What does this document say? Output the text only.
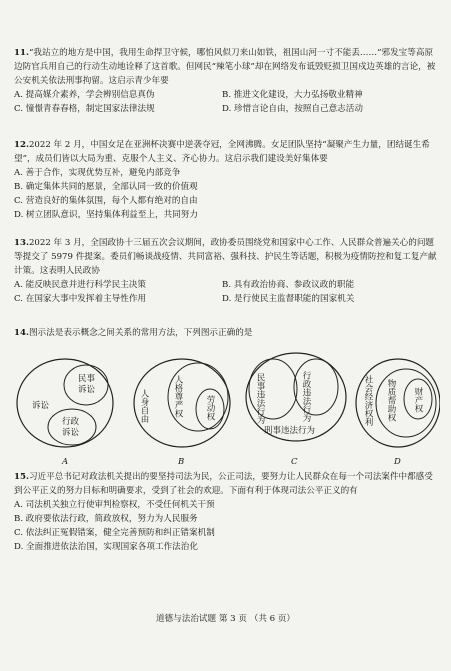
11.“我站立的地方是中国，我用生命捍卫守候，哪怕风似刀来山如铁，祖国山河一寸不能丢……”邪发宝等高原边防官兵用自己的行动生动地诠释了这首歌。但网民“辣笔小球”却在网络发布诋毁贬损卫国戍边英雄的言论，被公安机关依法刑事拘留。这启示青少年要

A. 提高媒介素养，学会辨别信息真伪	B. 推进文化建设，大力弘扬敬业精神
C. 憧憬青春春格，制定国家法律法规	D. 珍惜言论自由，按照自己意志活动

12.2022 年 2 月，中国女足在亚洲杯决赛中逆袭夺冠，全网沸腾。女足团队坚持“凝聚产生力量，团结诞生希望”，成员们皆以大局为重、克服个人主义、齐心协力。这启示我们建设美好集体要

A. 善于合作，实现优势互补，避免内部竞争
B. 确定集体共同的愿景，全部认同一致的价值观
C. 营造良好的集体氛围，每个人都有绝对的自由
D. 树立团队意识，坚持集体利益至上，共同努力

13.2022 年 3 月，全国政协十三届五次会议期间，政协委员围绕党和国家中心工作、人民群众普遍关心的问题等提交了 5979 件提案。委员们畅谈战疫情、共同富裕、强科技、护民生等话题，积极为疫情防控和复工复产献计策。这表明人民政协

A. 能反映民意并进行科学民主决策	B. 具有政治协商、参政议政的职能
C. 在国家大事中发挥着主导性作用	D. 是行使民主监督职能的国家机关

14.图示法是表示概念之间关系的常用方法，下列图示正确的是

诉讼
民事诉讼
行政诉讼
A
人身自由	人格尊严权	劳动权
B
民事违法行为	行政违法行为
刑事违法行为
C
社会经济权利 物质帮助权 财产权
D

15.习近平总书记对政法机关提出的要坚持司法为民，公正司法，要努力让人民群众在每一个司法案件中都感受到公平正义的努力目标和明确要求，受到了社会的欢迎。下面有利于体现司法公平正义的有

A. 司法机关独立行使审判检察权，不受任何机关干预
B. 政府要依法行政，简政放权，努力为人民服务
C. 依法纠正冤假错案，健全完善预防和纠正错案机制
D. 全面推进依法治国，实现国家各项工作法治化
道德与法治试题 第 3 页 （共 6 页）
